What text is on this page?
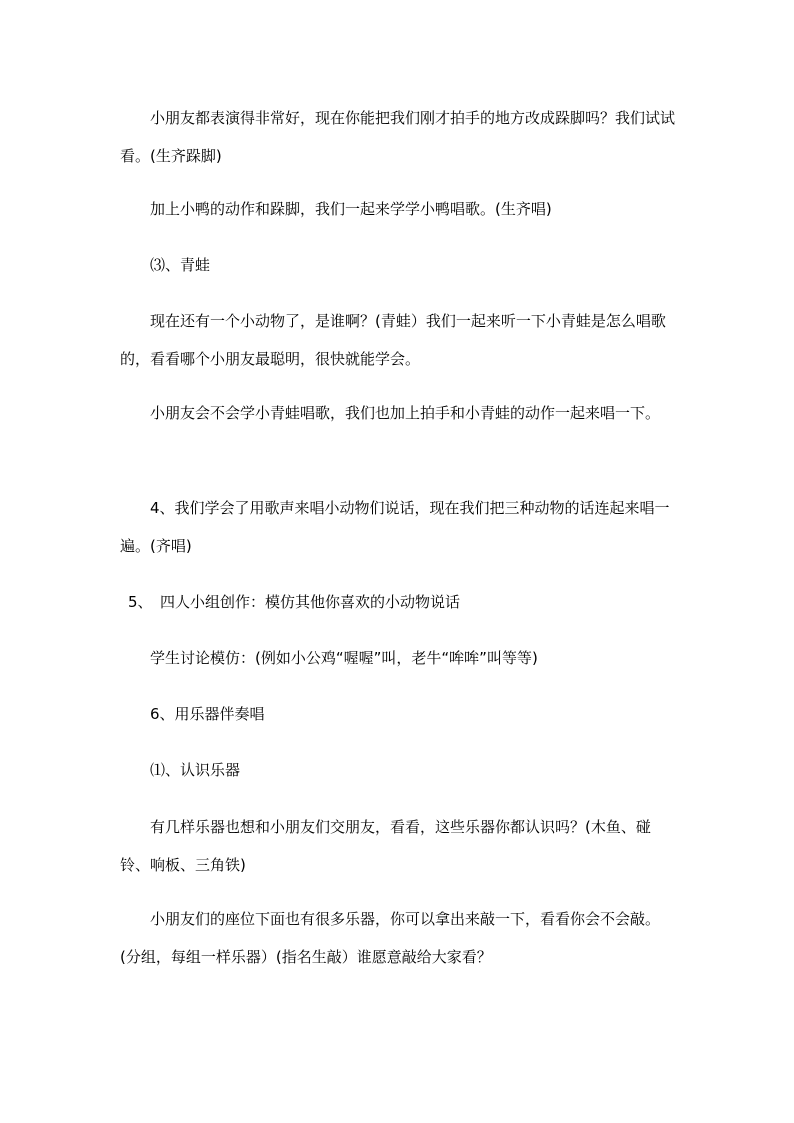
小朋友都表演得非常好，现在你能把我们刚才拍手的地方改成跺脚吗？我们试试看。(生齐跺脚)

加上小鸭的动作和跺脚，我们一起来学学小鸭唱歌。(生齐唱)

⑶、青蛙

现在还有一个小动物了，是谁啊？(青蛙）我们一起来听一下小青蛙是怎么唱歌的，看看哪个小朋友最聪明，很快就能学会。

小朋友会不会学小青蛙唱歌，我们也加上拍手和小青蛙的动作一起来唱一下。

4、我们学会了用歌声来唱小动物们说话，现在我们把三种动物的话连起来唱一遍。(齐唱)

5、　四人小组创作：模仿其他你喜欢的小动物说话

学生讨论模仿：(例如小公鸡“喔喔”叫，老牛“哞哞”叫等等)

6、用乐器伴奏唱

⑴、认识乐器

有几样乐器也想和小朋友们交朋友，看看，这些乐器你都认识吗？(木鱼、碰铃、响板、三角铁)

小朋友们的座位下面也有很多乐器，你可以拿出来敲一下，看看你会不会敲。(分组，每组一样乐器）(指名生敲）谁愿意敲给大家看？
